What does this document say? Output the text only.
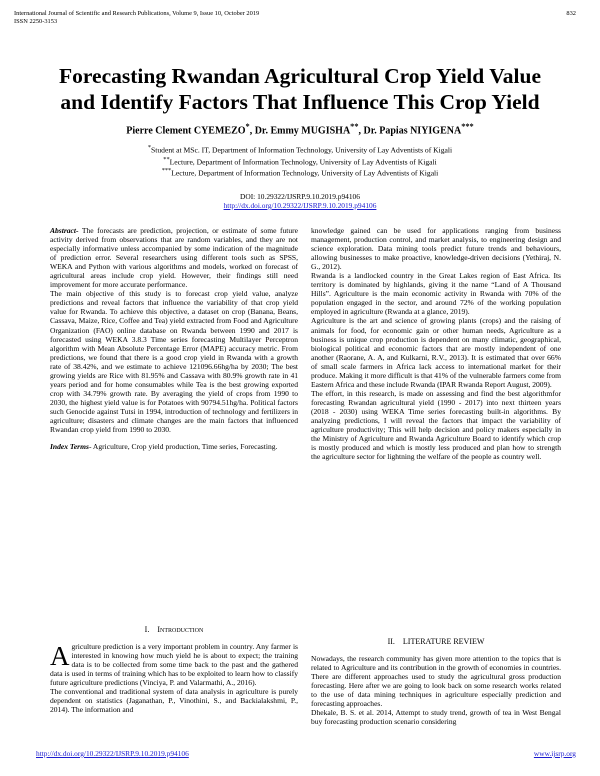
International Journal of Scientific and Research Publications, Volume 9, Issue 10, October 2019
ISSN 2250-3153
832
Forecasting Rwandan Agricultural Crop Yield Value
and Identify Factors That Influence This Crop Yield
Pierre Clement CYEMEZO*, Dr. Emmy MUGISHA**, Dr. Papias NIYIGENA***
*Student at MSc. IT, Department of Information Technology, University of Lay Adventists of Kigali
**Lecture, Department of Information Technology, University of Lay Adventists of Kigali
***Lecture, Department of Information Technology, University of Lay Adventists of Kigali
DOI: 10.29322/IJSRP.9.10.2019.p94106
http://dx.doi.org/10.29322/IJSRP.9.10.2019.p94106

Abstract- The forecasts are prediction, projection, or estimate of some future activity derived from observations that are random variables, and they are not especially informative unless accompanied by some indication of the magnitude of prediction error. Several researchers using different tools such as SPSS, WEKA and Python with various algorithms and models, worked on forecast of agricultural areas include crop yield. However, their findings still need improvement for more accurate performance.

The main objective of this study is to forecast crop yield value, analyze predictions and reveal factors that influence the variability of that crop yield value for Rwanda. To achieve this objective, a dataset on crop (Banana, Beans, Cassava, Maize, Rice, Coffee and Tea) yield extracted from Food and Agriculture Organization (FAO) online database on Rwanda between 1990 and 2017 is forecasted using WEKA 3.8.3 Time series forecasting Multilayer Perceptron algorithm with Mean Absolute Percentage Error (MAPE) accuracy metric. From predictions, we found that there is a good crop yield in Rwanda with a growth rate of 38.42%, and we estimate to achieve 121096.66hg/ha by 2030; The best growing yields are Rice with 81.95% and Cassava with 80.9% growth rate in 41 years period and for home consumables while Tea is the best growing exported crop with 34.79% growth rate. By averaging the yield of crops from 1990 to 2030, the highest yield value is for Potatoes with 90794.51hg/ha. Political factors such Genocide against Tutsi in 1994, introduction of technology and fertilizers in agriculture; disasters and climate changes are the main factors that influenced Rwandan crop yield from 1990 to 2030.

Index Terms- Agriculture, Crop yield production, Time series, Forecasting.

knowledge gained can be used for applications ranging from business management, production control, and market analysis, to engineering design and science exploration. Data mining tools predict future trends and behaviours, allowing businesses to make proactive, knowledge-driven decisions (Yethiraj, N. G., 2012).

Rwanda is a landlocked country in the Great Lakes region of East Africa. Its territory is dominated by highlands, giving it the name “Land of A Thousand Hills”. Agriculture is the main economic activity in Rwanda with 70% of the population engaged in the sector, and around 72% of the working population employed in agriculture (Rwanda at a glance, 2019).

Agriculture is the art and science of growing plants (crops) and the raising of animals for food, for economic gain or other human needs, Agriculture as a business is unique crop production is dependent on many climatic, geographical, biological political and economic factors that are mostly independent of one another (Raorane, A. A, and Kulkarni, R.V., 2013). It is estimated that over 66% of small scale farmers in Africa lack access to international market for their produce. Making it more difficult is that 41% of the vulnerable farmers come from Eastern Africa and these include Rwanda (IPAR Rwanda Report August, 2009).

The effort, in this research, is made on assessing and find the best algorithmfor forecasting Rwandan agricultural yield (1990 - 2017) into next thirteen years (2018 - 2030) using WEKA Time series forecasting built-in algorithms. By analyzing predictions, I will reveal the factors that impact the variability of agriculture productivity; This will help decision and policy makers especially in the Ministry of Agriculture and Rwanda Agriculture Board to identify which crop is mostly produced and which is mostly less produced and plan how to strength the agriculture sector for lightning the welfare of the people as country well.

I. Introduction

Agriculture prediction is a very important problem in country. Any farmer is interested in knowing how much yield he is about to expect; the training data is to be collected from some time back to the past and the gathered data is used in terms of training which has to be exploited to learn how to classify future agriculture predictions (Vinciya, P. and Valarmathi, A., 2016).

The conventional and traditional system of data analysis in agriculture is purely dependent on statistics (Jaganathan, P., Vinothini, S., and Backialakshmi, P., 2014). The information and

II. LITERATURE REVIEW

Nowadays, the research community has given more attention to the topics that is related to Agriculture and its contribution in the growth of economies in countries. There are different approaches used to study the agricultural gross production forecasting. Here after we are going to look back on some research works related to the use of data mining techniques in agriculture especially prediction and forecasting approaches.

Dhekale, B. S. et al. 2014, Attempt to study trend, growth of tea in West Bengal buy forecasting production scenario considering

http://dx.doi.org/10.29322/IJSRP.9.10.2019.p94106	www.ijsrp.org
